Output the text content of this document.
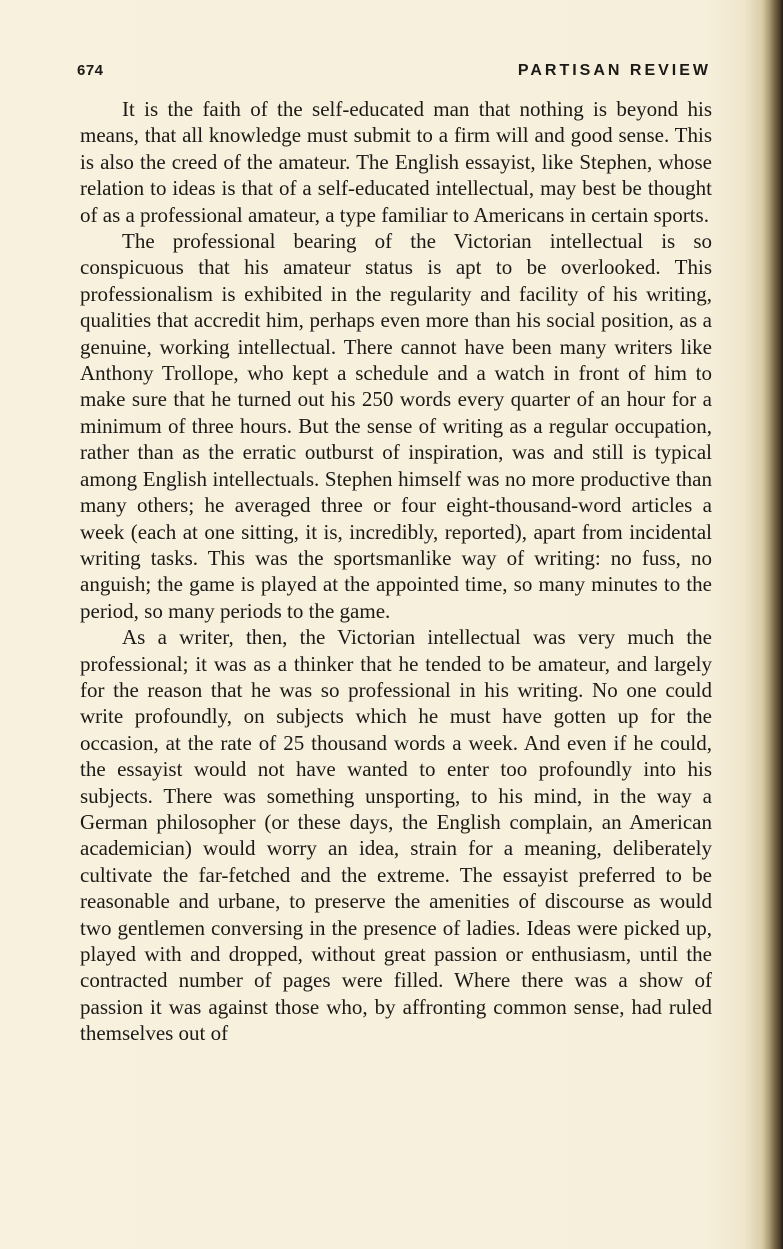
674	PARTISAN REVIEW

It is the faith of the self-educated man that nothing is beyond his means, that all knowledge must submit to a firm will and good sense. This is also the creed of the amateur. The English essayist, like Stephen, whose relation to ideas is that of a self-educated intellectual, may best be thought of as a professional amateur, a type familiar to Americans in certain sports.

The professional bearing of the Victorian intellectual is so conspicuous that his amateur status is apt to be overlooked. This professionalism is exhibited in the regularity and facility of his writing, qualities that accredit him, perhaps even more than his social position, as a genuine, working intellectual. There cannot have been many writers like Anthony Trollope, who kept a schedule and a watch in front of him to make sure that he turned out his 250 words every quarter of an hour for a minimum of three hours. But the sense of writing as a regular occupation, rather than as the erratic outburst of inspiration, was and still is typical among English intellectuals. Stephen himself was no more productive than many others; he averaged three or four eight-thousand-word articles a week (each at one sitting, it is, incredibly, reported), apart from incidental writing tasks. This was the sportsmanlike way of writing: no fuss, no anguish; the game is played at the appointed time, so many minutes to the period, so many periods to the game.

As a writer, then, the Victorian intellectual was very much the professional; it was as a thinker that he tended to be amateur, and largely for the reason that he was so professional in his writing. No one could write profoundly, on subjects which he must have gotten up for the occasion, at the rate of 25 thousand words a week. And even if he could, the essayist would not have wanted to enter too profoundly into his subjects. There was something unsporting, to his mind, in the way a German philosopher (or these days, the English complain, an American academician) would worry an idea, strain for a meaning, deliberately cultivate the far-fetched and the extreme. The essayist preferred to be reasonable and urbane, to preserve the amenities of discourse as would two gentlemen conversing in the presence of ladies. Ideas were picked up, played with and dropped, without great passion or enthusiasm, until the contracted number of pages were filled. Where there was a show of passion it was against those who, by affronting common sense, had ruled themselves out of
